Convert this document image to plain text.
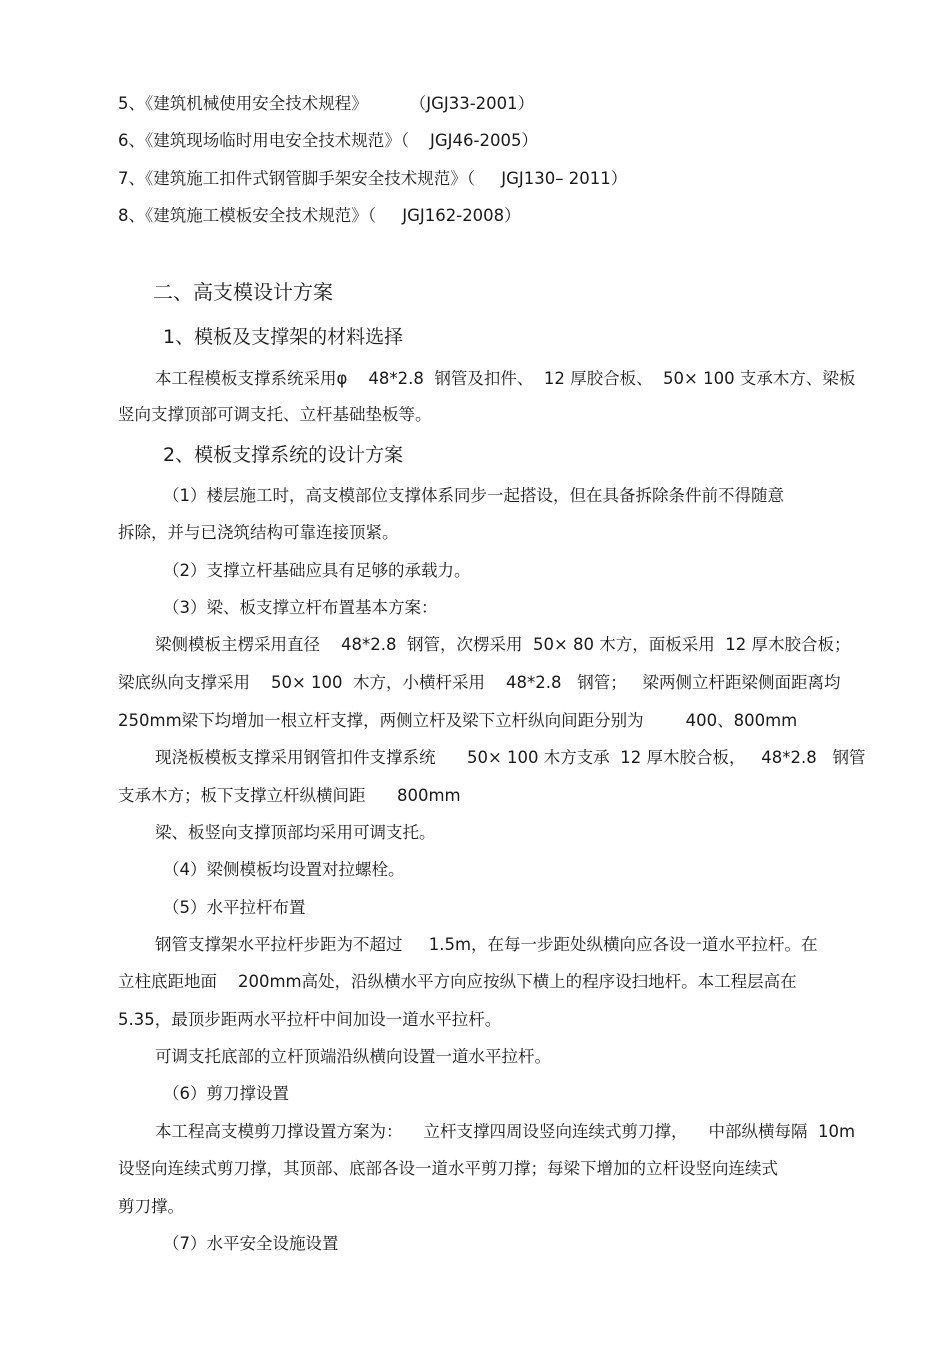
5、《建筑机械使用安全技术规程》        （JGJ33-2001）
6、《建筑现场临时用电安全技术规范》（    JGJ46-2005）
7、《建筑施工扣件式钢管脚手架安全技术规范》（     JGJ130– 2011）
8、《建筑施工模板安全技术规范》（     JGJ162-2008）
二、高支模设计方案
1、模板及支撑架的材料选择
本工程模板支撑系统采用φ    48*2.8  钢管及扣件、  12 厚胶合板、  50× 100 支承木方、梁板
竖向支撑顶部可调支托、立杆基础垫板等。
2、模板支撑系统的设计方案
（1）楼层施工时，高支模部位支撑体系同步一起搭设，但在具备拆除条件前不得随意
拆除，并与已浇筑结构可靠连接顶紧。
（2）支撑立杆基础应具有足够的承载力。
（3）梁、板支撑立杆布置基本方案：
梁侧模板主楞采用直径    48*2.8  钢管，次楞采用  50× 80 木方，面板采用  12 厚木胶合板；
梁底纵向支撑采用    50× 100  木方，小横杆采用    48*2.8   钢管；   梁两侧立杆距梁侧面距离均
250mm梁下均增加一根立杆支撑，两侧立杆及梁下立杆纵向间距分别为        400、800mm
现浇板模板支撑采用钢管扣件支撑系统      50× 100 木方支承  12 厚木胶合板，   48*2.8   钢管
支承木方；板下支撑立杆纵横间距      800mm
梁、板竖向支撑顶部均采用可调支托。
（4）梁侧模板均设置对拉螺栓。
（5）水平拉杆布置
钢管支撑架水平拉杆步距为不超过     1.5m，在每一步距处纵横向应各设一道水平拉杆。在
立柱底距地面    200mm高处，沿纵横水平方向应按纵下横上的程序设扫地杆。本工程层高在
5.35，最顶步距两水平拉杆中间加设一道水平拉杆。
可调支托底部的立杆顶端沿纵横向设置一道水平拉杆。
（6）剪刀撑设置
本工程高支模剪刀撑设置方案为：    立杆支撑四周设竖向连续式剪刀撑，    中部纵横每隔  10m
设竖向连续式剪刀撑，其顶部、底部各设一道水平剪刀撑；每梁下增加的立杆设竖向连续式
剪刀撑。
（7）水平安全设施设置
